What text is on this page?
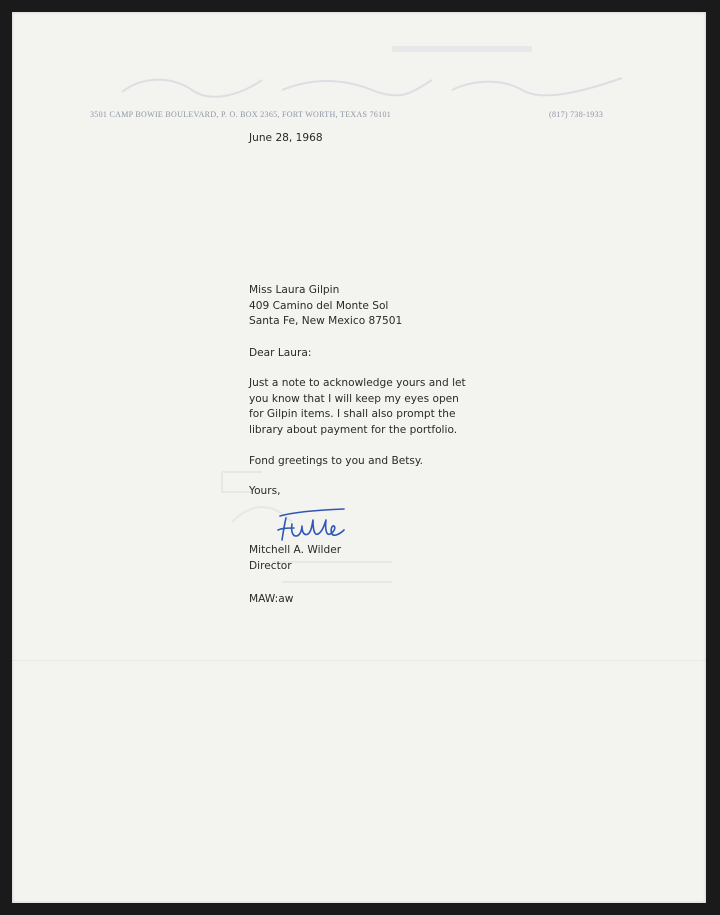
3501 CAMP BOWIE BOULEVARD, P. O. BOX 2365, FORT WORTH, TEXAS 76101	(817) 738-1933
June 28, 1968
Miss Laura Gilpin
409 Camino del Monte Sol
Santa Fe, New Mexico 87501
Dear Laura:
Just a note to acknowledge yours and let
you know that I will keep my eyes open
for Gilpin items. I shall also prompt the
library about payment for the portfolio.
Fond greetings to you and Betsy.
Yours,
Mitchell A. Wilder
Director
MAW:aw
